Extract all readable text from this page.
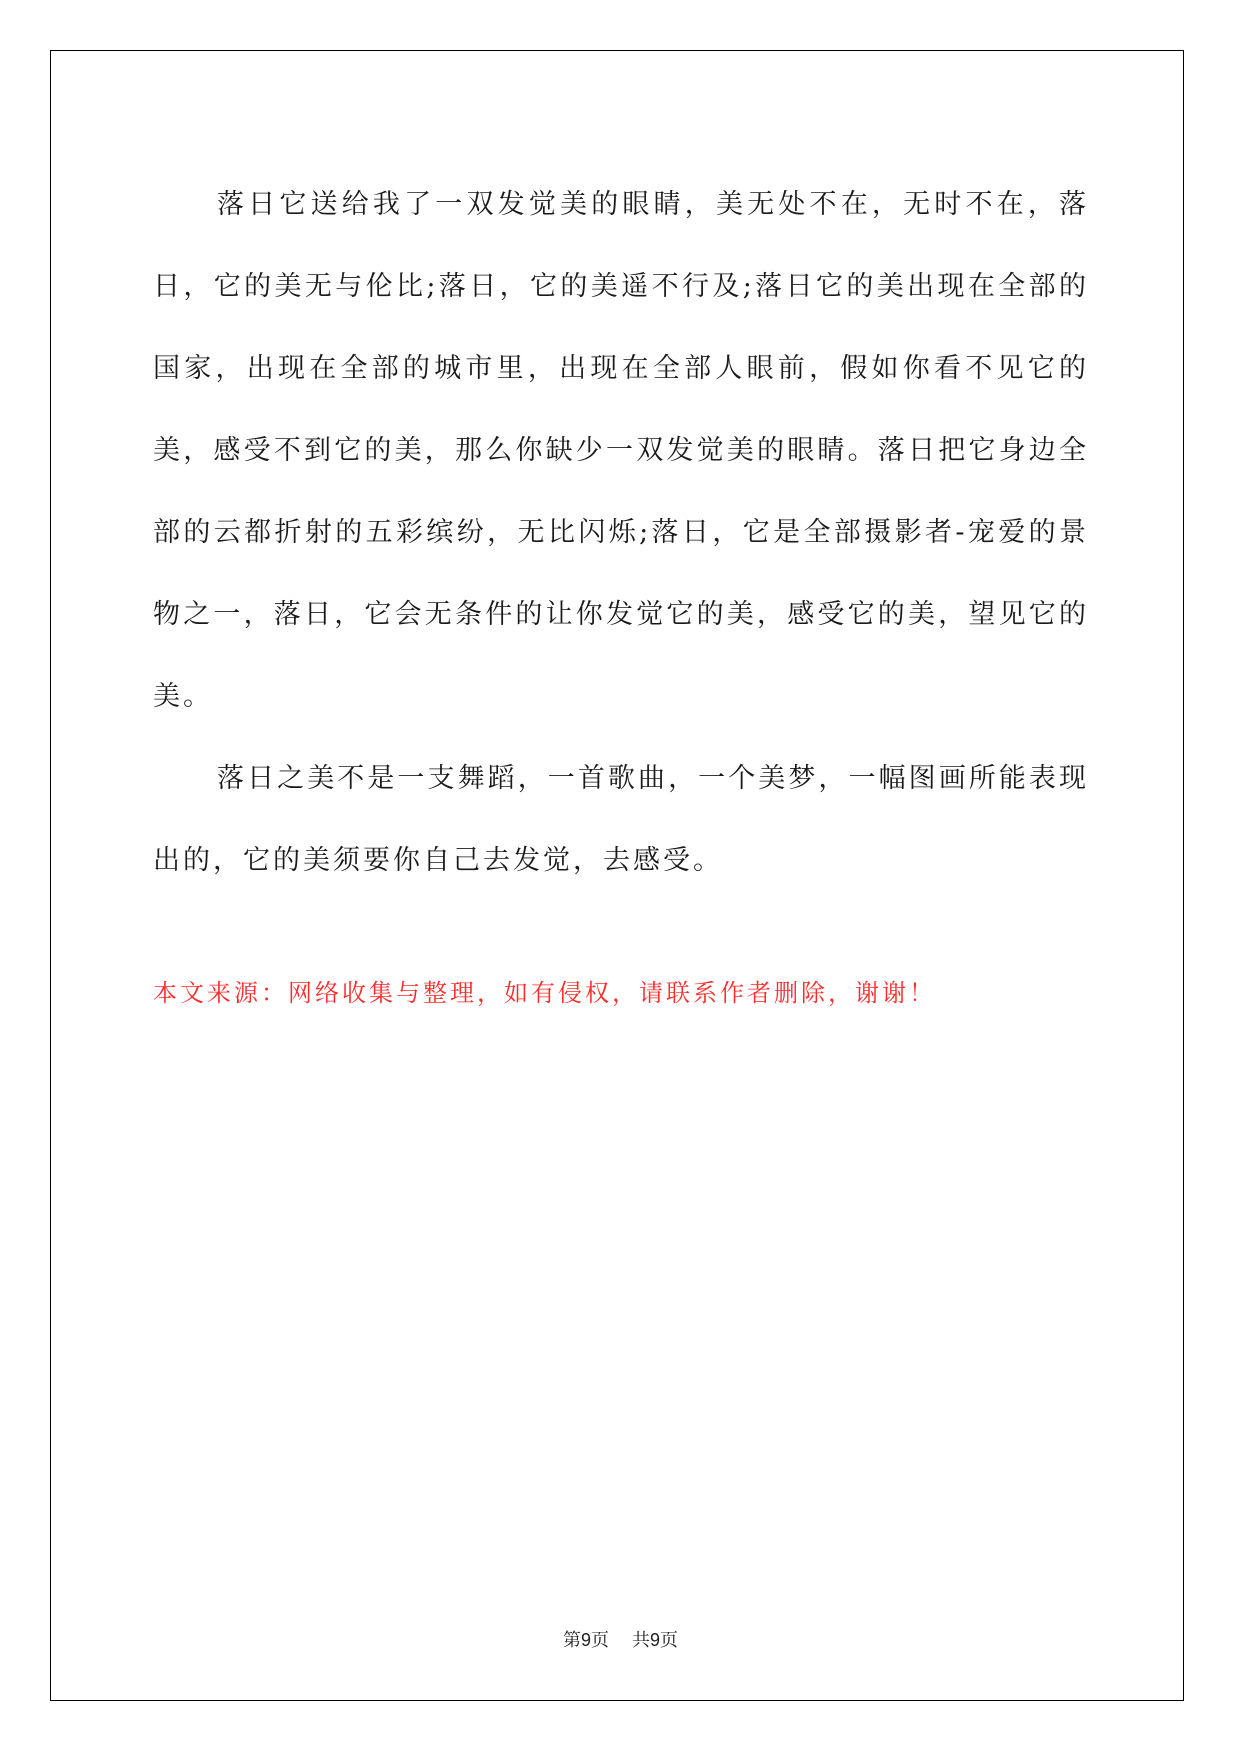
落日它送给我了一双发觉美的眼睛，美无处不在，无时不在，落日，它的美无与伦比;落日，它的美遥不行及;落日它的美出现在全部的国家，出现在全部的城市里，出现在全部人眼前，假如你看不见它的美，感受不到它的美，那么你缺少一双发觉美的眼睛。落日把它身边全部的云都折射的五彩缤纷，无比闪烁;落日，它是全部摄影者-宠爱的景物之一，落日，它会无条件的让你发觉它的美，感受它的美，望见它的美。

落日之美不是一支舞蹈，一首歌曲，一个美梦，一幅图画所能表现出的，它的美须要你自己去发觉，去感受。

本文来源：网络收集与整理，如有侵权，请联系作者删除，谢谢！
第9页 共9页
